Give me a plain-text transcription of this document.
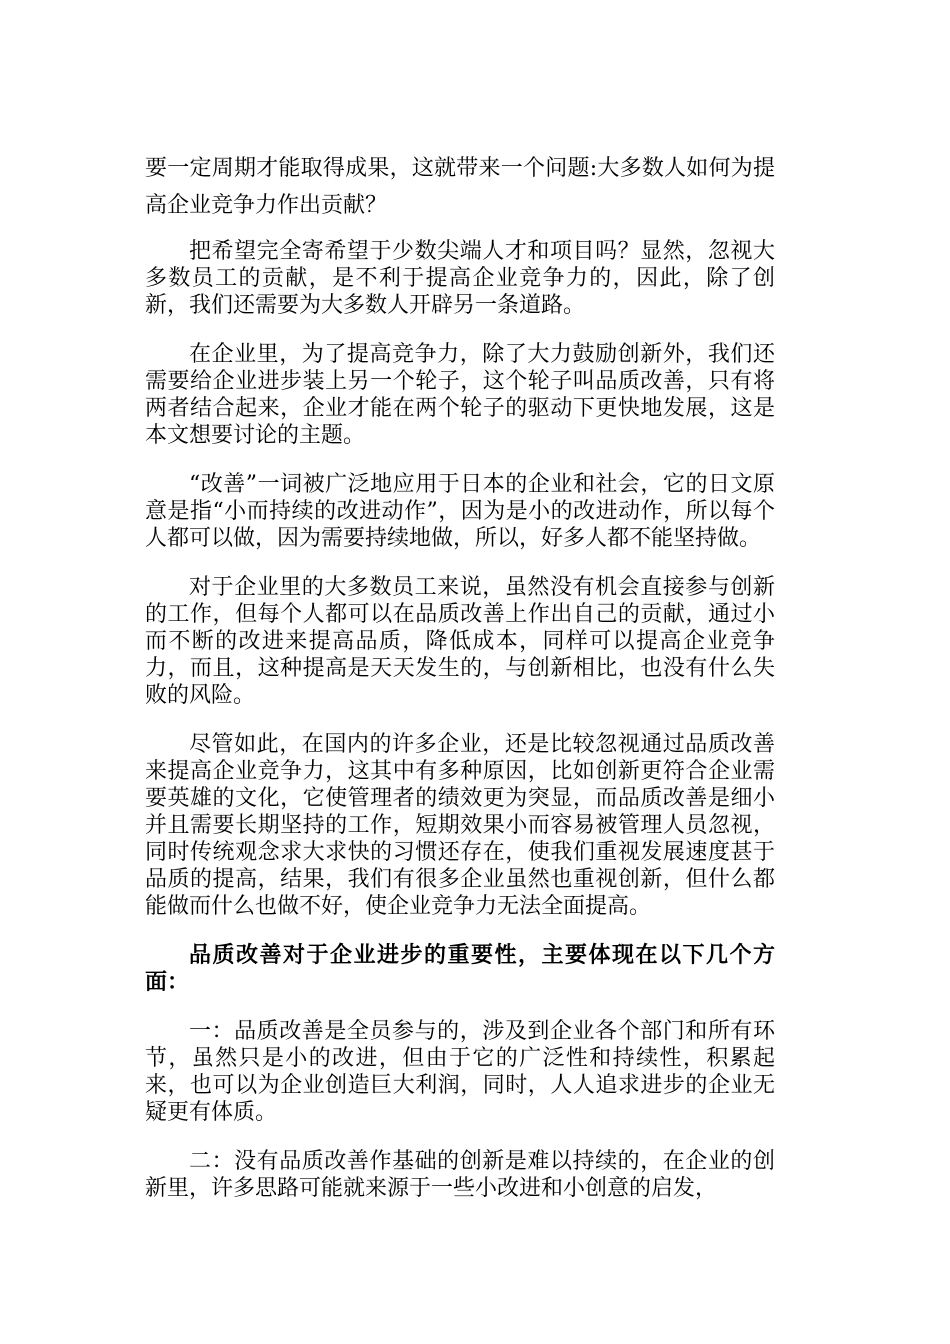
要一定周期才能取得成果，这就带来一个问题:大多数人如何为提高企业竞争力作出贡献？

把希望完全寄希望于少数尖端人才和项目吗？显然，忽视大多数员工的贡献，是不利于提高企业竞争力的，因此，除了创新，我们还需要为大多数人开辟另一条道路。

在企业里，为了提高竞争力，除了大力鼓励创新外，我们还需要给企业进步装上另一个轮子，这个轮子叫品质改善，只有将两者结合起来，企业才能在两个轮子的驱动下更快地发展，这是本文想要讨论的主题。

“改善”一词被广泛地应用于日本的企业和社会，它的日文原意是指“小而持续的改进动作”，因为是小的改进动作，所以每个人都可以做，因为需要持续地做，所以，好多人都不能坚持做。

对于企业里的大多数员工来说，虽然没有机会直接参与创新的工作，但每个人都可以在品质改善上作出自己的贡献，通过小而不断的改进来提高品质，降低成本，同样可以提高企业竞争力，而且，这种提高是天天发生的，与创新相比，也没有什么失败的风险。

尽管如此，在国内的许多企业，还是比较忽视通过品质改善来提高企业竞争力，这其中有多种原因，比如创新更符合企业需要英雄的文化，它使管理者的绩效更为突显，而品质改善是细小并且需要长期坚持的工作，短期效果小而容易被管理人员忽视，同时传统观念求大求快的习惯还存在，使我们重视发展速度甚于品质的提高，结果，我们有很多企业虽然也重视创新，但什么都能做而什么也做不好，使企业竞争力无法全面提高。

品质改善对于企业进步的重要性，主要体现在以下几个方面：

一：品质改善是全员参与的，涉及到企业各个部门和所有环节，虽然只是小的改进，但由于它的广泛性和持续性，积累起来，也可以为企业创造巨大利润，同时，人人追求进步的企业无疑更有体质。

二：没有品质改善作基础的创新是难以持续的，在企业的创新里，许多思路可能就来源于一些小改进和小创意的启发，
